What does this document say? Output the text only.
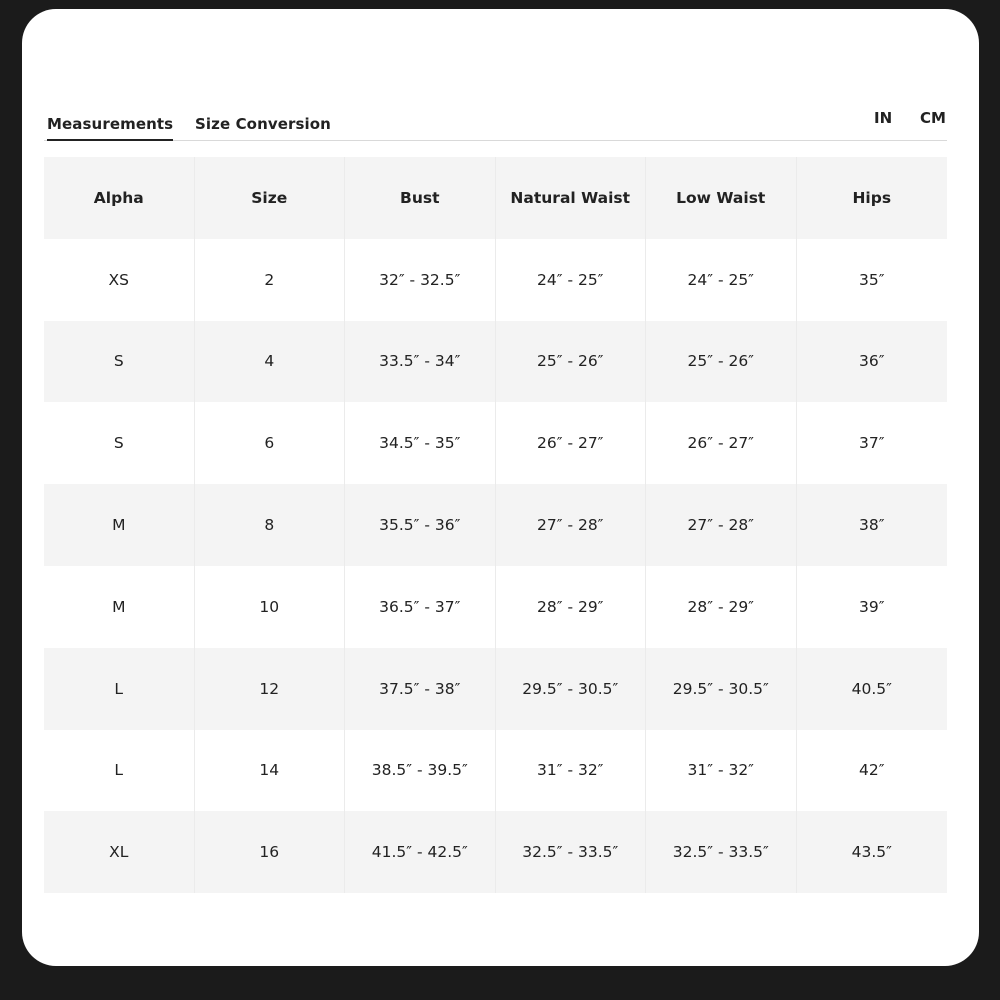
Measurements Size Conversion	IN CM
Alpha	Size	Bust	Natural Waist	Low Waist	Hips
XS	2	32″ - 32.5″	24″ - 25″	24″ - 25″	35″
S	4	33.5″ - 34″	25″ - 26″	25″ - 26″	36″
S	6	34.5″ - 35″	26″ - 27″	26″ - 27″	37″
M	8	35.5″ - 36″	27″ - 28″	27″ - 28″	38″
M	10	36.5″ - 37″	28″ - 29″	28″ - 29″	39″
L	12	37.5″ - 38″	29.5″ - 30.5″	29.5″ - 30.5″	40.5″
L	14	38.5″ - 39.5″	31″ - 32″	31″ - 32″	42″
XL	16	41.5″ - 42.5″	32.5″ - 33.5″	32.5″ - 33.5″	43.5″
